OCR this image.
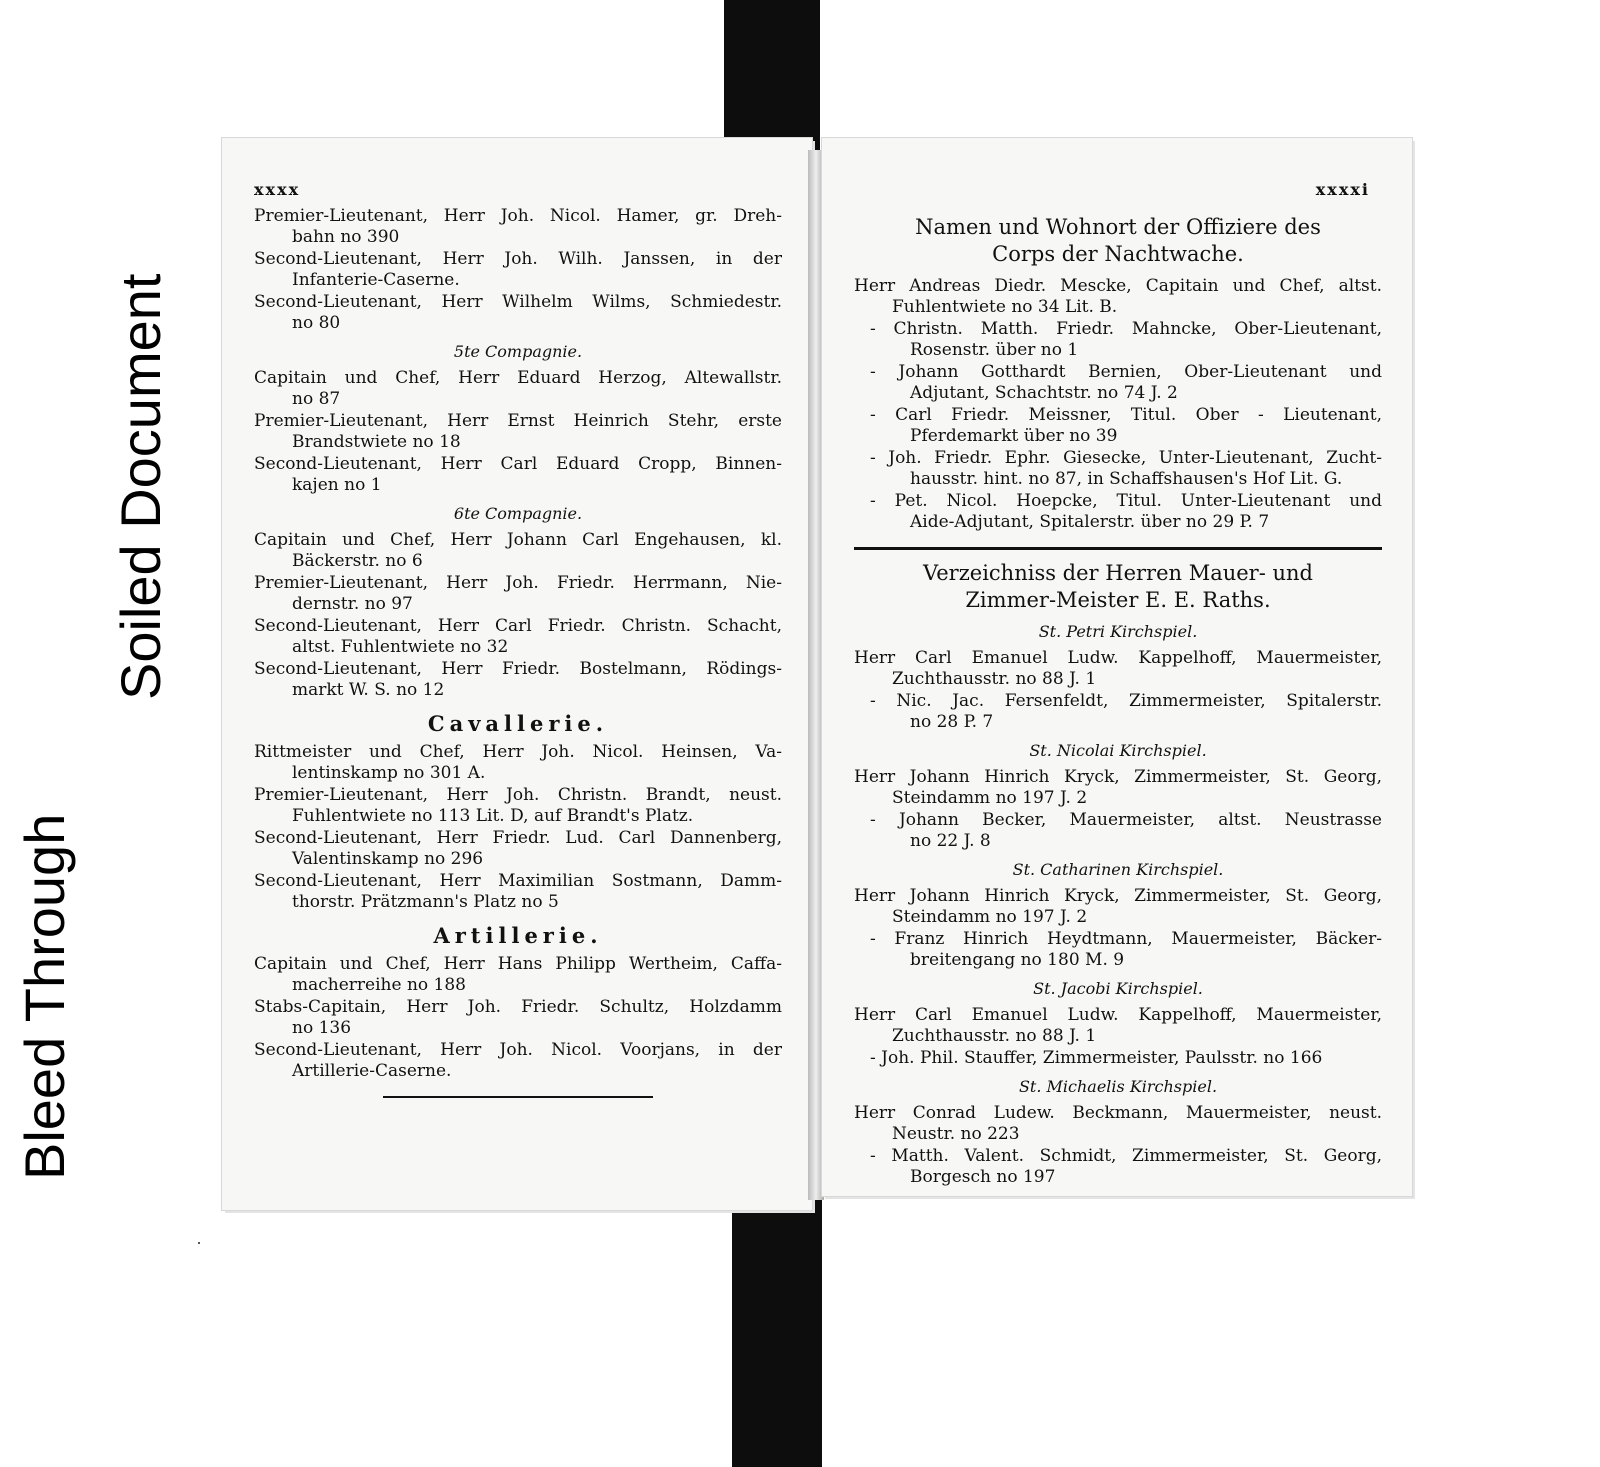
Soiled Document
Bleed Through
xxxx
Premier-Lieutenant, Herr Joh. Nicol. Hamer, gr. Dreh-
bahn no 390
Second-Lieutenant, Herr Joh. Wilh. Janssen, in der
Infanterie-Caserne.
Second-Lieutenant, Herr Wilhelm Wilms, Schmiedestr.
no 80
5te Compagnie.
Capitain und Chef, Herr Eduard Herzog, Altewallstr.
no 87
Premier-Lieutenant, Herr Ernst Heinrich Stehr, erste
Brandstwiete no 18
Second-Lieutenant, Herr Carl Eduard Cropp, Binnen-
kajen no 1
6te Compagnie.
Capitain und Chef, Herr Johann Carl Engehausen, kl.
Bäckerstr. no 6
Premier-Lieutenant, Herr Joh. Friedr. Herrmann, Nie-
dernstr. no 97
Second-Lieutenant, Herr Carl Friedr. Christn. Schacht,
altst. Fuhlentwiete no 32
Second-Lieutenant, Herr Friedr. Bostelmann, Rödings-
markt W. S. no 12
Cavallerie.
Rittmeister und Chef, Herr Joh. Nicol. Heinsen, Va-
lentinskamp no 301 A.
Premier-Lieutenant, Herr Joh. Christn. Brandt, neust.
Fuhlentwiete no 113 Lit. D, auf Brandt's Platz.
Second-Lieutenant, Herr Friedr. Lud. Carl Dannenberg,
Valentinskamp no 296
Second-Lieutenant, Herr Maximilian Sostmann, Damm-
thorstr. Prätzmann's Platz no 5
Artillerie.
Capitain und Chef, Herr Hans Philipp Wertheim, Caffa-
macherreihe no 188
Stabs-Capitain, Herr Joh. Friedr. Schultz, Holzdamm
no 136
Second-Lieutenant, Herr Joh. Nicol. Voorjans, in der
Artillerie-Caserne.
xxxxi
Namen und Wohnort der Offiziere des
Corps der Nachtwache.
Herr Andreas Diedr. Mescke, Capitain und Chef, altst.
Fuhlentwiete no 34 Lit. B.
- Christn. Matth. Friedr. Mahncke, Ober-Lieutenant,
Rosenstr. über no 1
- Johann Gotthardt Bernien, Ober-Lieutenant und
Adjutant, Schachtstr. no 74 J. 2
- Carl Friedr. Meissner, Titul. Ober - Lieutenant,
Pferdemarkt über no 39
- Joh. Friedr. Ephr. Giesecke, Unter-Lieutenant, Zucht-
hausstr. hint. no 87, in Schaffshausen's Hof Lit. G.
- Pet. Nicol. Hoepcke, Titul. Unter-Lieutenant und
Aide-Adjutant, Spitalerstr. über no 29 P. 7
Verzeichniss der Herren Mauer- und
Zimmer-Meister E. E. Raths.
St. Petri Kirchspiel.
Herr Carl Emanuel Ludw. Kappelhoff, Mauermeister,
Zuchthausstr. no 88 J. 1
- Nic. Jac. Fersenfeldt, Zimmermeister, Spitalerstr.
no 28 P. 7
St. Nicolai Kirchspiel.
Herr Johann Hinrich Kryck, Zimmermeister, St. Georg,
Steindamm no 197 J. 2
- Johann Becker, Mauermeister, altst. Neustrasse
no 22 J. 8
St. Catharinen Kirchspiel.
Herr Johann Hinrich Kryck, Zimmermeister, St. Georg,
Steindamm no 197 J. 2
- Franz Hinrich Heydtmann, Mauermeister, Bäcker-
breitengang no 180 M. 9
St. Jacobi Kirchspiel.
Herr Carl Emanuel Ludw. Kappelhoff, Mauermeister,
Zuchthausstr. no 88 J. 1
- Joh. Phil. Stauffer, Zimmermeister, Paulsstr. no 166
St. Michaelis Kirchspiel.
Herr Conrad Ludew. Beckmann, Mauermeister, neust.
Neustr. no 223
- Matth. Valent. Schmidt, Zimmermeister, St. Georg,
Borgesch no 197
